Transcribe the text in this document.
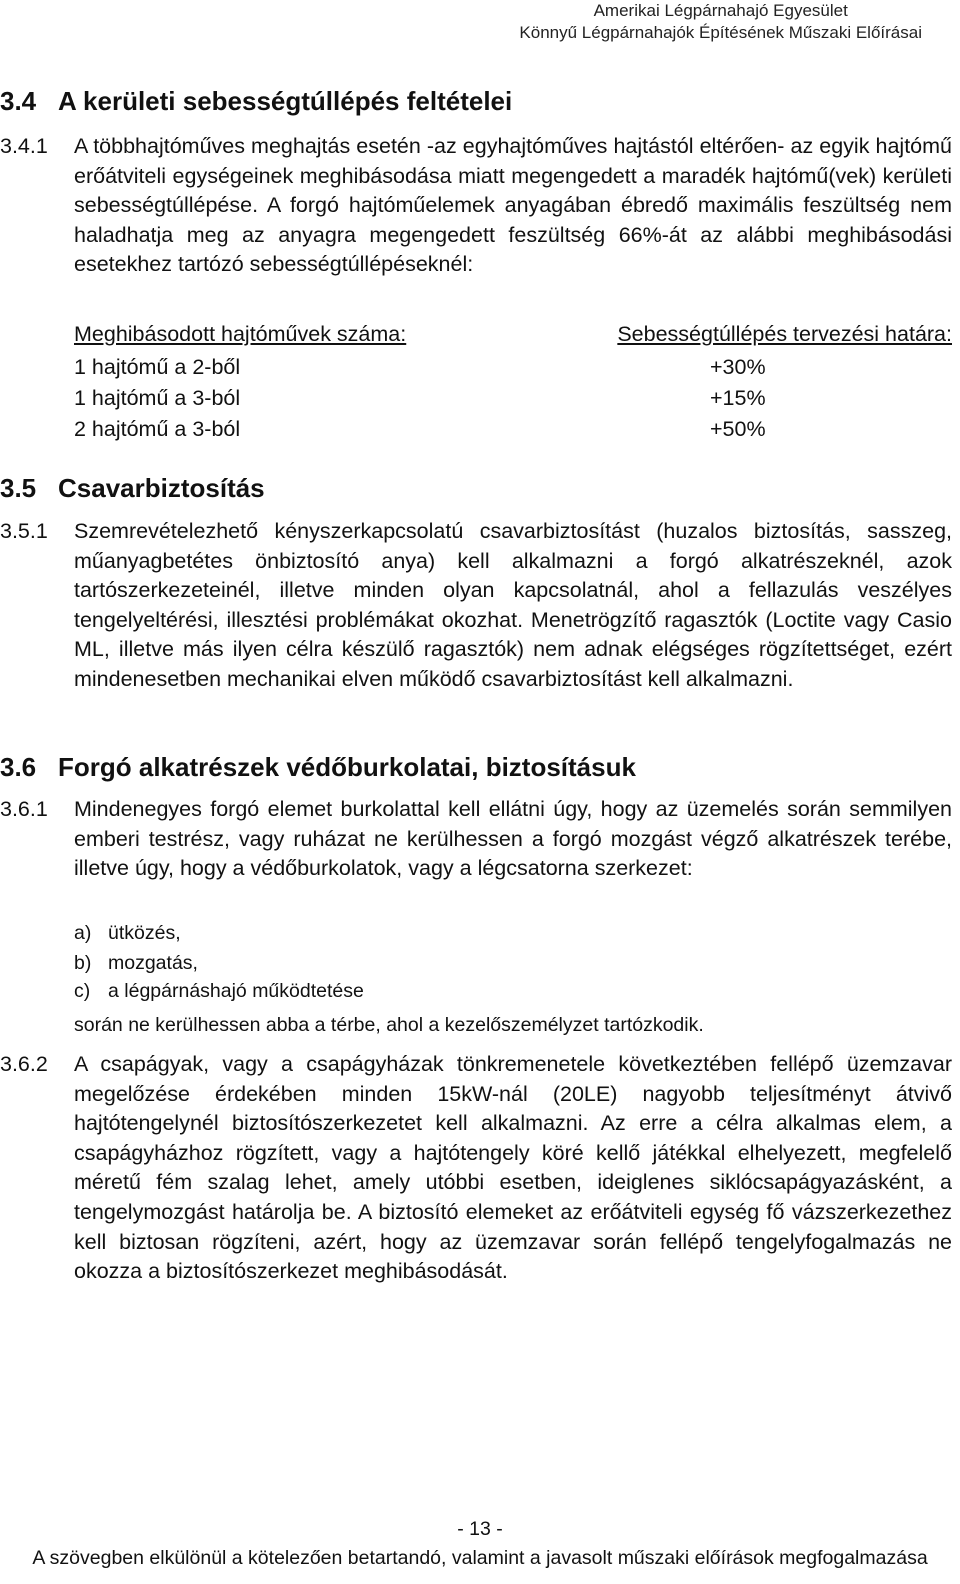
Amerikai Légpárnahajó Egyesület
Könnyű Légpárnahajók Építésének Műszaki Előírásai
3.4 A kerületi sebességtúllépés feltételei
3.4.1 A többhajtóműves meghajtás esetén -az egyhajtóműves hajtástól eltérően- az egyik hajtómű erőátviteli egységeinek meghibásodása miatt megengedett a maradék hajtómű(vek) kerületi sebességtúllépése. A forgó hajtóműelemek anyagában ébredő maximális feszültség nem haladhatja meg az anyagra megengedett feszültség 66%-át az alábbi meghibásodási esetekhez tartózó sebességtúllépéseknél:
Meghibásodott hajtóművek száma:	Sebességtúllépés tervezési határa:
1 hajtómű a 2-ből	+30%
1 hajtómű a 3-ból	+15%
2 hajtómű a 3-ból	+50%
3.5 Csavarbiztosítás
3.5.1 Szemrevételezhető kényszerkapcsolatú csavarbiztosítást (huzalos biztosítás, sasszeg, műanyagbetétes önbiztosító anya) kell alkalmazni a forgó alkatrészeknél, azok tartószerkezeteinél, illetve minden olyan kapcsolatnál, ahol a fellazulás veszélyes tengelyeltérési, illesztési problémákat okozhat. Menetrögzítő ragasztók (Loctite vagy Casio ML, illetve más ilyen célra készülő ragasztók) nem adnak elégséges rögzítettséget, ezért mindenesetben mechanikai elven működő csavarbiztosítást kell alkalmazni.
3.6 Forgó alkatrészek védőburkolatai, biztosításuk
3.6.1 Mindenegyes forgó elemet burkolattal kell ellátni úgy, hogy az üzemelés során semmilyen emberi testrész, vagy ruházat ne kerülhessen a forgó mozgást végző alkatrészek terébe, illetve úgy, hogy a védőburkolatok, vagy a légcsatorna szerkezet:
a) ütközés,
b) mozgatás,
c) a légpárnáshajó működtetése
során ne kerülhessen abba a térbe, ahol a kezelőszemélyzet tartózkodik.
3.6.2 A csapágyak, vagy a csapágyházak tönkremenetele következtében fellépő üzemzavar megelőzése érdekében minden 15kW-nál (20LE) nagyobb teljesítményt átvivő hajtótengelynél biztosítószerkezetet kell alkalmazni. Az erre a célra alkalmas elem, a csapágyházhoz rögzített, vagy a hajtótengely köré kellő játékkal elhelyezett, megfelelő méretű fém szalag lehet, amely utóbbi esetben, ideiglenes siklócsapágyazásként, a tengelymozgást határolja be. A biztosító elemeket az erőátviteli egység fő vázszerkezethez kell biztosan rögzíteni, azért, hogy az üzemzavar során fellépő tengelyfogalmazás ne okozza a biztosítószerkezet meghibásodását.
- 13 -
A szövegben elkülönül a kötelezően betartandó, valamint a javasolt műszaki előírások megfogalmazása
